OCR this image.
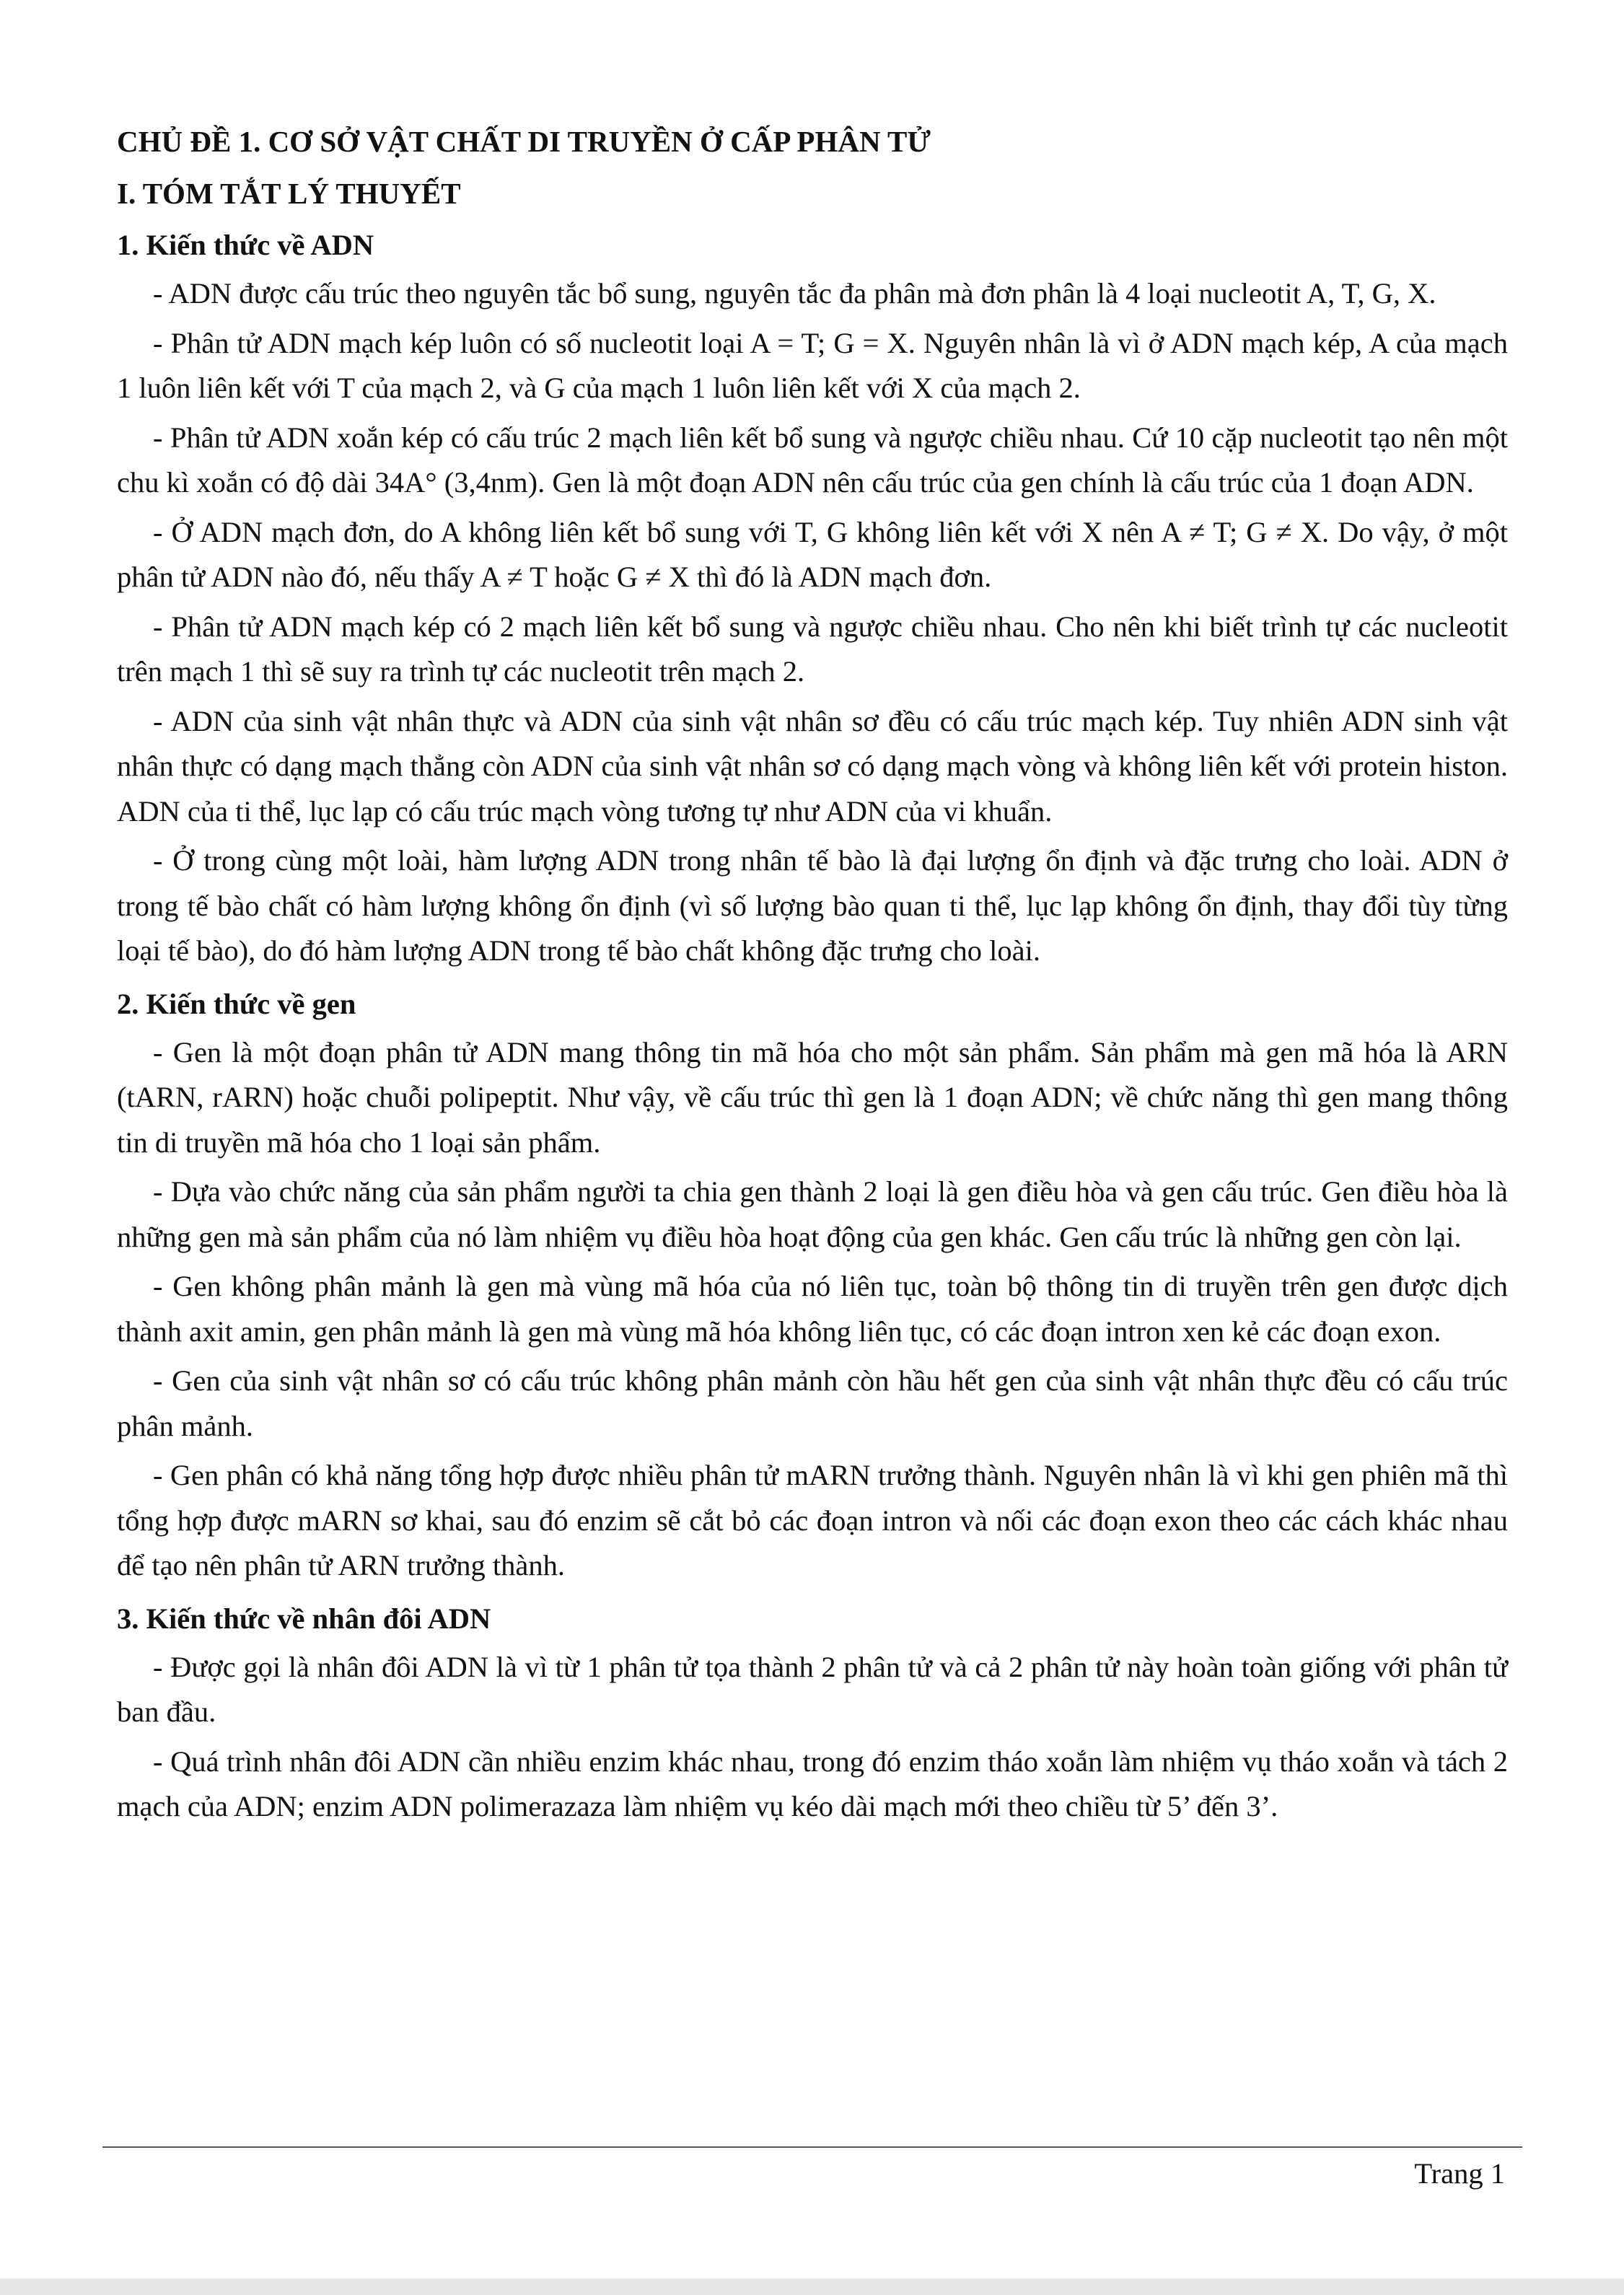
CHỦ ĐỀ 1. CƠ SỞ VẬT CHẤT DI TRUYỀN Ở CẤP PHÂN TỬ

I. TÓM TẮT LÝ THUYẾT

1. Kiến thức về ADN

- ADN được cấu trúc theo nguyên tắc bổ sung, nguyên tắc đa phân mà đơn phân là 4 loại nucleotit A, T, G, X.

- Phân tử ADN mạch kép luôn có số nucleotit loại A = T; G = X. Nguyên nhân là vì ở ADN mạch kép, A của mạch 1 luôn liên kết với T của mạch 2, và G của mạch 1 luôn liên kết với X của mạch 2.

- Phân tử ADN xoắn kép có cấu trúc 2 mạch liên kết bổ sung và ngược chiều nhau. Cứ 10 cặp nucleotit tạo nên một chu kì xoắn có độ dài 34A° (3,4nm). Gen là một đoạn ADN nên cấu trúc của gen chính là cấu trúc của 1 đoạn ADN.

- Ở ADN mạch đơn, do A không liên kết bổ sung với T, G không liên kết với X nên A ≠ T; G ≠ X. Do vậy, ở một phân tử ADN nào đó, nếu thấy A ≠ T hoặc G ≠ X thì đó là ADN mạch đơn.

- Phân tử ADN mạch kép có 2 mạch liên kết bổ sung và ngược chiều nhau. Cho nên khi biết trình tự các nucleotit trên mạch 1 thì sẽ suy ra trình tự các nucleotit trên mạch 2.

- ADN của sinh vật nhân thực và ADN của sinh vật nhân sơ đều có cấu trúc mạch kép. Tuy nhiên ADN sinh vật nhân thực có dạng mạch thẳng còn ADN của sinh vật nhân sơ có dạng mạch vòng và không liên kết với protein histon. ADN của ti thể, lục lạp có cấu trúc mạch vòng tương tự như ADN của vi khuẩn.

- Ở trong cùng một loài, hàm lượng ADN trong nhân tế bào là đại lượng ổn định và đặc trưng cho loài. ADN ở trong tế bào chất có hàm lượng không ổn định (vì số lượng bào quan ti thể, lục lạp không ổn định, thay đổi tùy từng loại tế bào), do đó hàm lượng ADN trong tế bào chất không đặc trưng cho loài.

2. Kiến thức về gen

- Gen là một đoạn phân tử ADN mang thông tin mã hóa cho một sản phẩm. Sản phẩm mà gen mã hóa là ARN (tARN, rARN) hoặc chuỗi polipeptit. Như vậy, về cấu trúc thì gen là 1 đoạn ADN; về chức năng thì gen mang thông tin di truyền mã hóa cho 1 loại sản phẩm.

- Dựa vào chức năng của sản phẩm người ta chia gen thành 2 loại là gen điều hòa và gen cấu trúc. Gen điều hòa là những gen mà sản phẩm của nó làm nhiệm vụ điều hòa hoạt động của gen khác. Gen cấu trúc là những gen còn lại.

- Gen không phân mảnh là gen mà vùng mã hóa của nó liên tục, toàn bộ thông tin di truyền trên gen được dịch thành axit amin, gen phân mảnh là gen mà vùng mã hóa không liên tục, có các đoạn intron xen kẻ các đoạn exon.

- Gen của sinh vật nhân sơ có cấu trúc không phân mảnh còn hầu hết gen của sinh vật nhân thực đều có cấu trúc phân mảnh.

- Gen phân có khả năng tổng hợp được nhiều phân tử mARN trưởng thành. Nguyên nhân là vì khi gen phiên mã thì tổng hợp được mARN sơ khai, sau đó enzim sẽ cắt bỏ các đoạn intron và nối các đoạn exon theo các cách khác nhau để tạo nên phân tử ARN trưởng thành.

3. Kiến thức về nhân đôi ADN

- Được gọi là nhân đôi ADN là vì từ 1 phân tử tọa thành 2 phân tử và cả 2 phân tử này hoàn toàn giống với phân tử ban đầu.

- Quá trình nhân đôi ADN cần nhiều enzim khác nhau, trong đó enzim tháo xoắn làm nhiệm vụ tháo xoắn và tách 2 mạch của ADN; enzim ADN polimerazaza làm nhiệm vụ kéo dài mạch mới theo chiều từ 5’ đến 3’.

Trang 1
